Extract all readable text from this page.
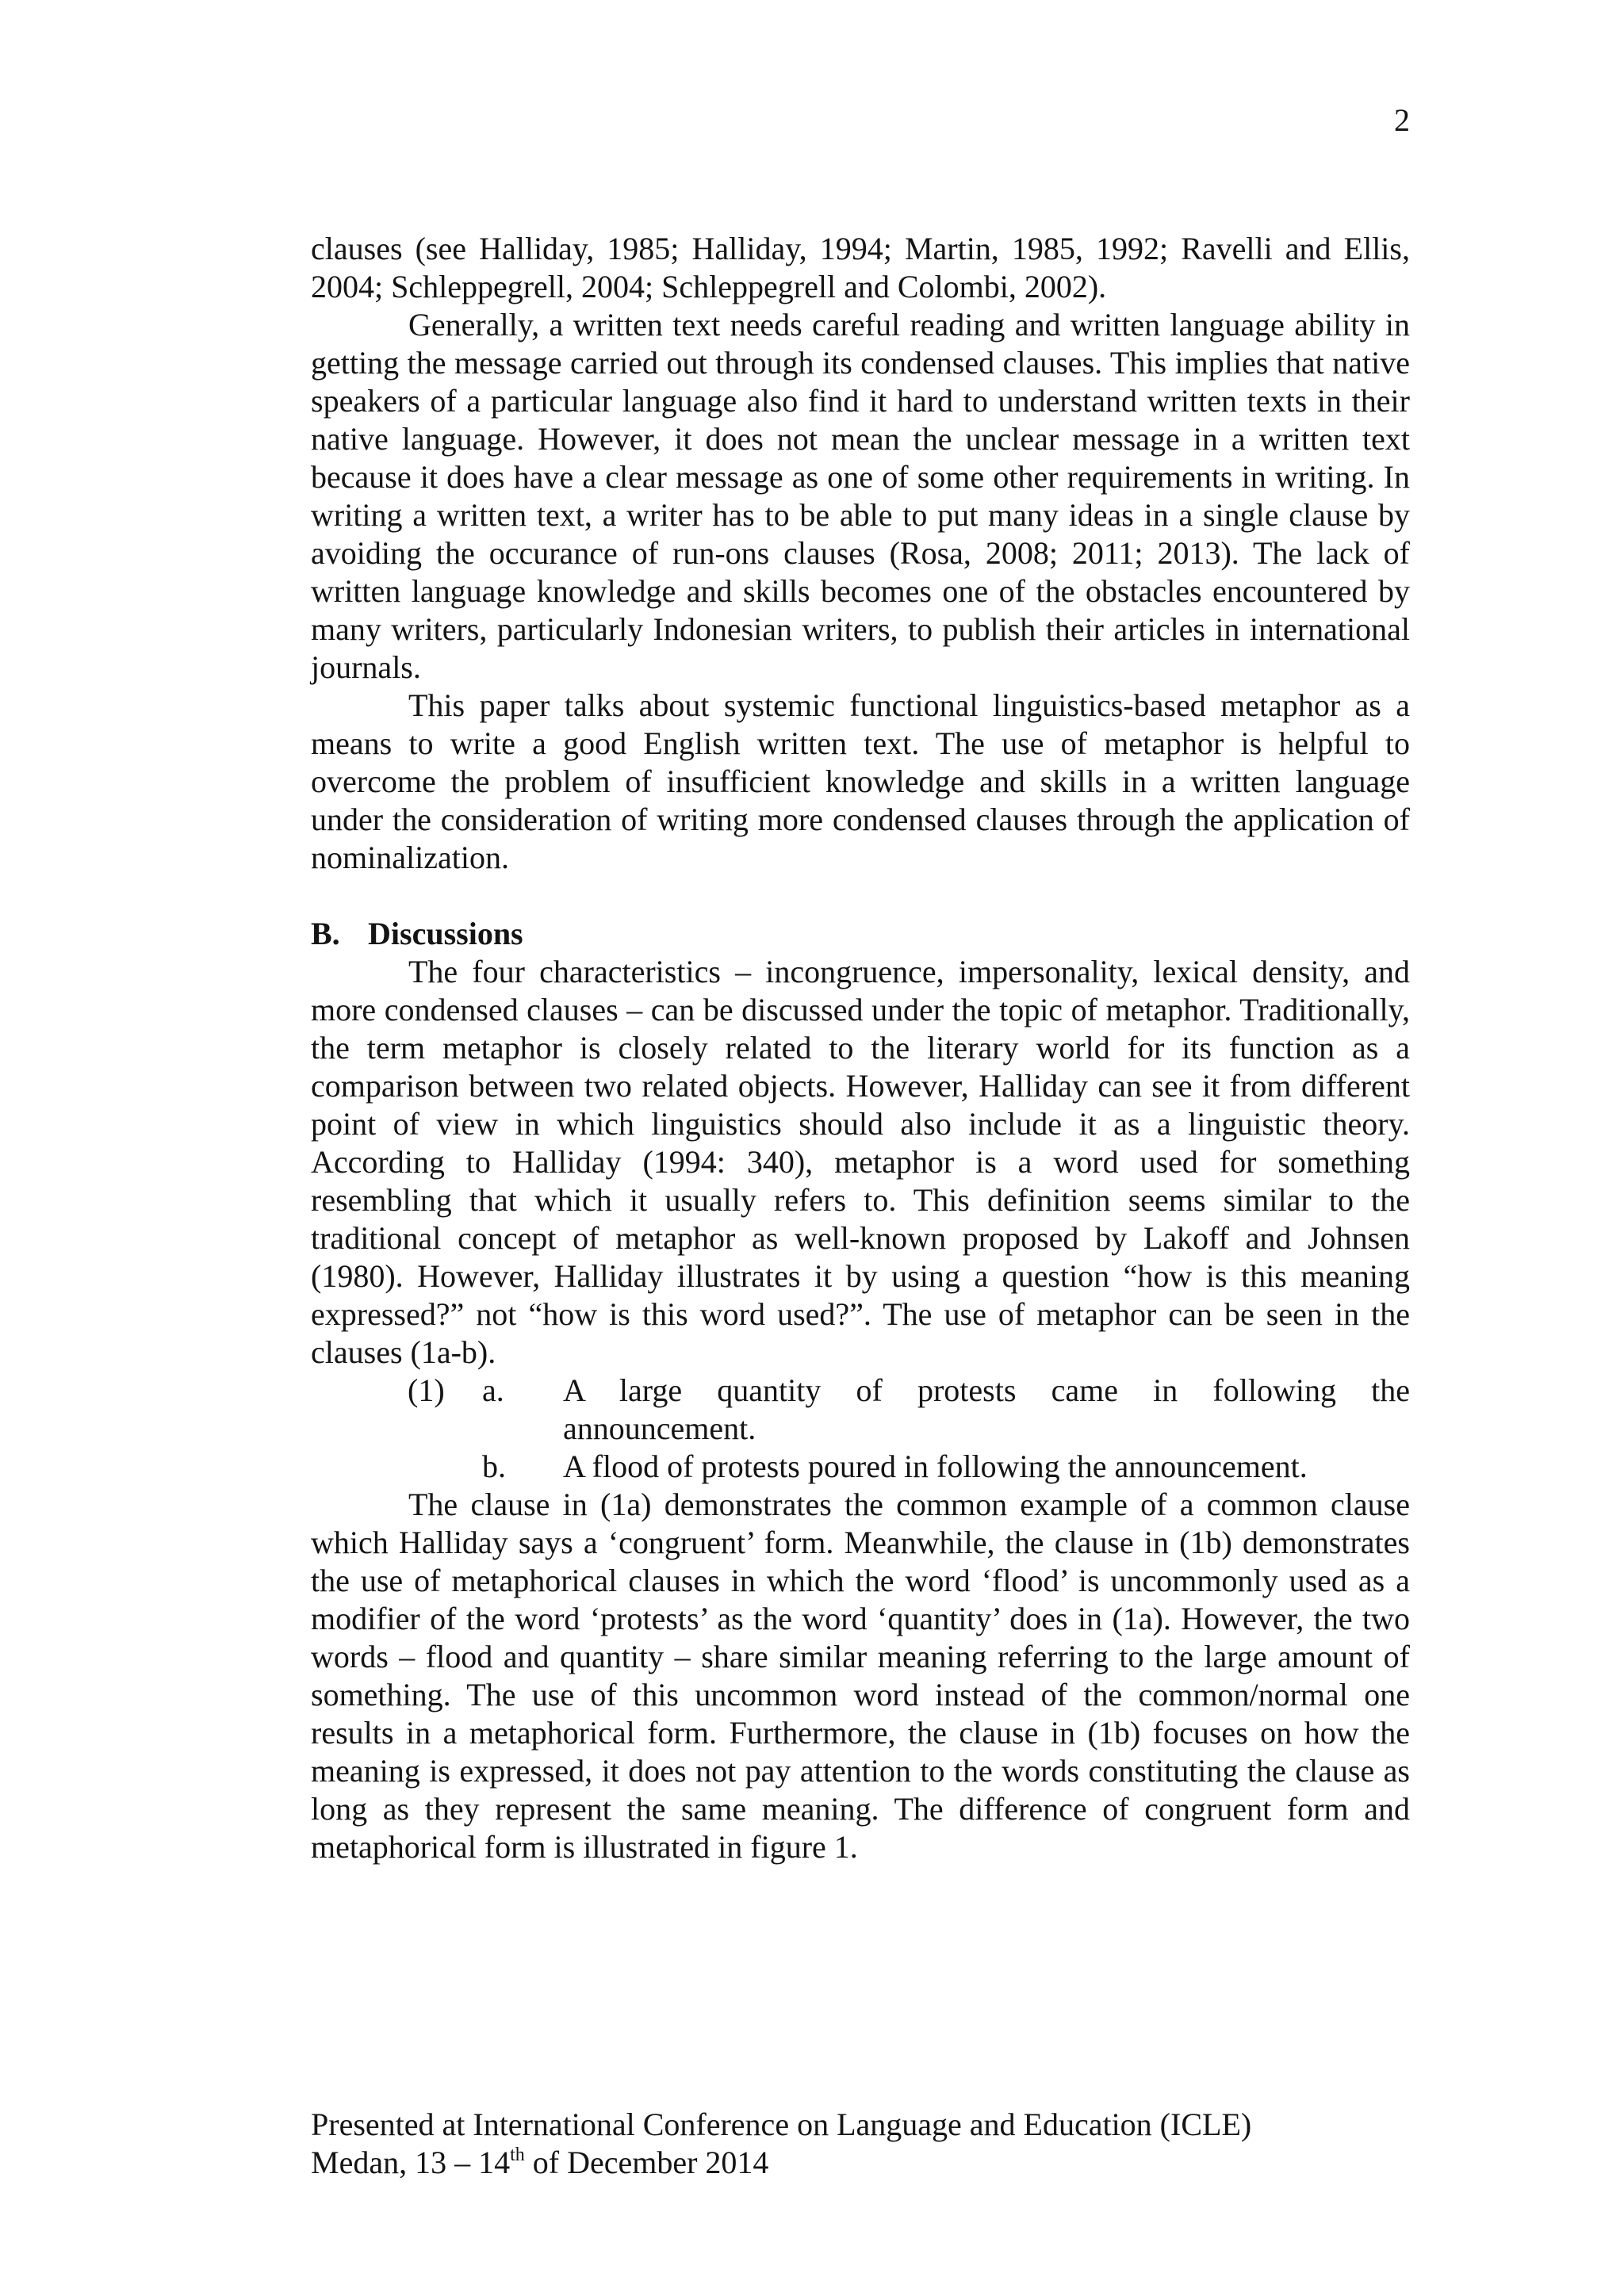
2

clauses (see Halliday, 1985; Halliday, 1994; Martin, 1985, 1992; Ravelli and Ellis, 2004; Schleppegrell, 2004; Schleppegrell and Colombi, 2002).

Generally, a written text needs careful reading and written language ability in getting the message carried out through its condensed clauses. This implies that native speakers of a particular language also find it hard to understand written texts in their native language. However, it does not mean the unclear message in a written text because it does have a clear message as one of some other requirements in writing. In writing a written text, a writer has to be able to put many ideas in a single clause by avoiding the occurance of run-ons clauses (Rosa, 2008; 2011; 2013). The lack of written language knowledge and skills becomes one of the obstacles encountered by many writers, particularly Indonesian writers, to publish their articles in international journals.

This paper talks about systemic functional linguistics-based metaphor as a means to write a good English written text. The use of metaphor is helpful to overcome the problem of insufficient knowledge and skills in a written language under the consideration of writing more condensed clauses through the application of nominalization.

B. Discussions

The four characteristics – incongruence, impersonality, lexical density, and more condensed clauses – can be discussed under the topic of metaphor. Traditionally, the term metaphor is closely related to the literary world for its function as a comparison between two related objects. However, Halliday can see it from different point of view in which linguistics should also include it as a linguistic theory. According to Halliday (1994: 340), metaphor is a word used for something resembling that which it usually refers to. This definition seems similar to the traditional concept of metaphor as well-known proposed by Lakoff and Johnsen (1980). However, Halliday illustrates it by using a question “how is this meaning expressed?” not “how is this word used?”. The use of metaphor can be seen in the clauses (1a-b).

(1) a. A large quantity of protests came in following the
announcement.
b. A flood of protests poured in following the announcement.

The clause in (1a) demonstrates the common example of a common clause which Halliday says a ‘congruent’ form. Meanwhile, the clause in (1b) demonstrates the use of metaphorical clauses in which the word ‘flood’ is uncommonly used as a modifier of the word ‘protests’ as the word ‘quantity’ does in (1a). However, the two words – flood and quantity – share similar meaning referring to the large amount of something. The use of this uncommon word instead of the common/normal one results in a metaphorical form. Furthermore, the clause in (1b) focuses on how the meaning is expressed, it does not pay attention to the words constituting the clause as long as they represent the same meaning. The difference of congruent form and metaphorical form is illustrated in figure 1.

Presented at International Conference on Language and Education (ICLE)
Medan, 13 – 14th of December 2014
